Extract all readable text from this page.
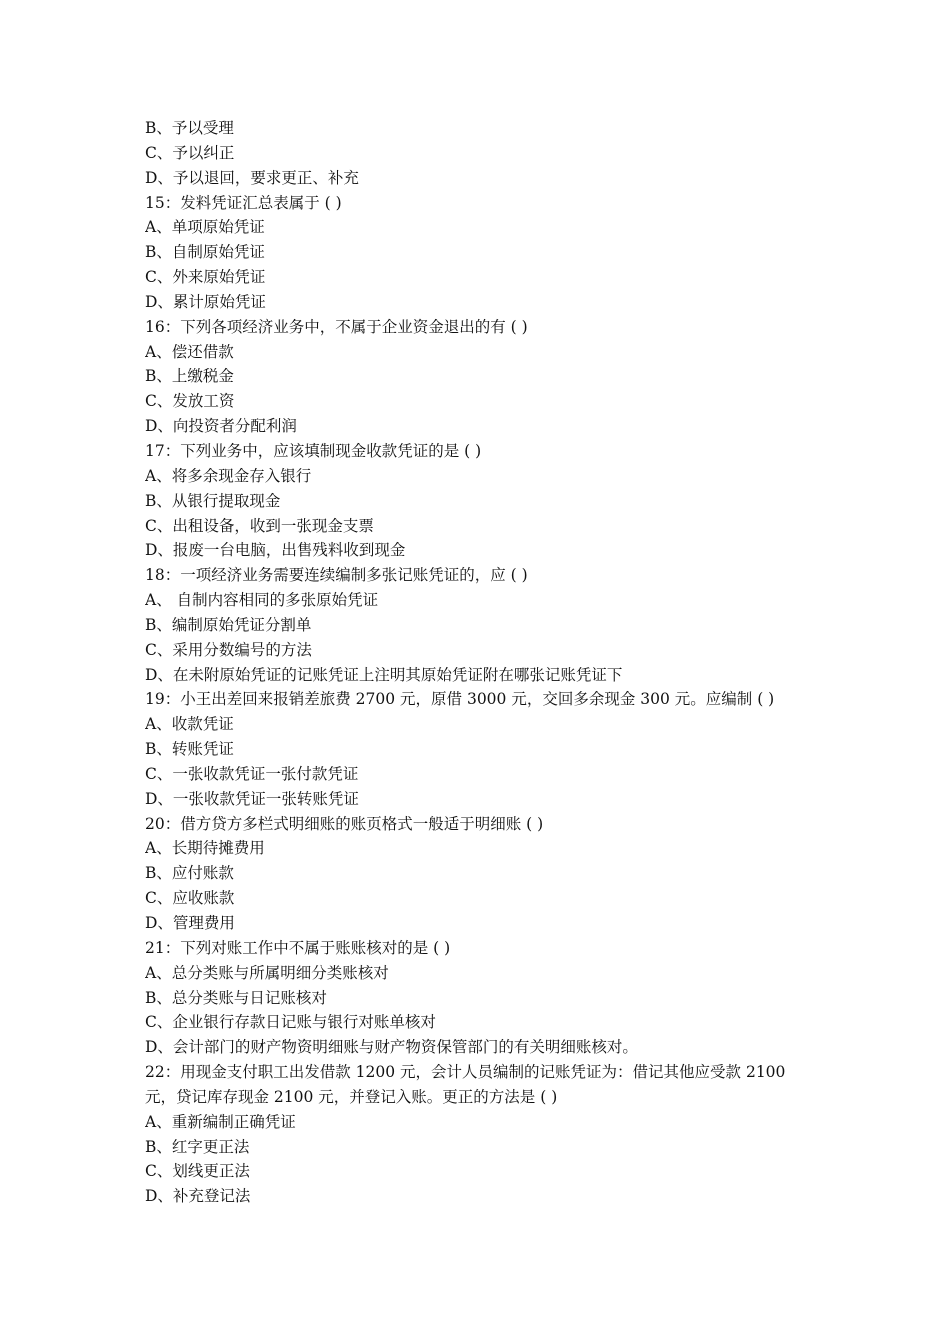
B、予以受理
C、予以纠正
D、予以退回，要求更正、补充
15：发料凭证汇总表属于 ( )
A、单项原始凭证
B、自制原始凭证
C、外来原始凭证
D、累计原始凭证
16：下列各项经济业务中，不属于企业资金退出的有 ( )
A、偿还借款
B、上缴税金
C、发放工资
D、向投资者分配利润
17：下列业务中，应该填制现金收款凭证的是 ( )
A、将多余现金存入银行
B、从银行提取现金
C、出租设备，收到一张现金支票
D、报废一台电脑，出售残料收到现金
18：一项经济业务需要连续编制多张记账凭证的，应 ( )
A、 自制内容相同的多张原始凭证
B、编制原始凭证分割单
C、采用分数编号的方法
D、在未附原始凭证的记账凭证上注明其原始凭证附在哪张记账凭证下
19：小王出差回来报销差旅费 2700 元，原借 3000 元，交回多余现金 300 元。应编制 ( )
A、收款凭证
B、转账凭证
C、一张收款凭证一张付款凭证
D、一张收款凭证一张转账凭证
20：借方贷方多栏式明细账的账页格式一般适于明细账 ( )
A、长期待摊费用
B、应付账款
C、应收账款
D、管理费用
21：下列对账工作中不属于账账核对的是 ( )
A、总分类账与所属明细分类账核对
B、总分类账与日记账核对
C、企业银行存款日记账与银行对账单核对
D、会计部门的财产物资明细账与财产物资保管部门的有关明细账核对。
22：用现金支付职工出发借款 1200 元，会计人员编制的记账凭证为：借记其他应受款 2100
元，贷记库存现金 2100 元，并登记入账。更正的方法是 ( )
A、重新编制正确凭证
B、红字更正法
C、划线更正法
D、补充登记法
